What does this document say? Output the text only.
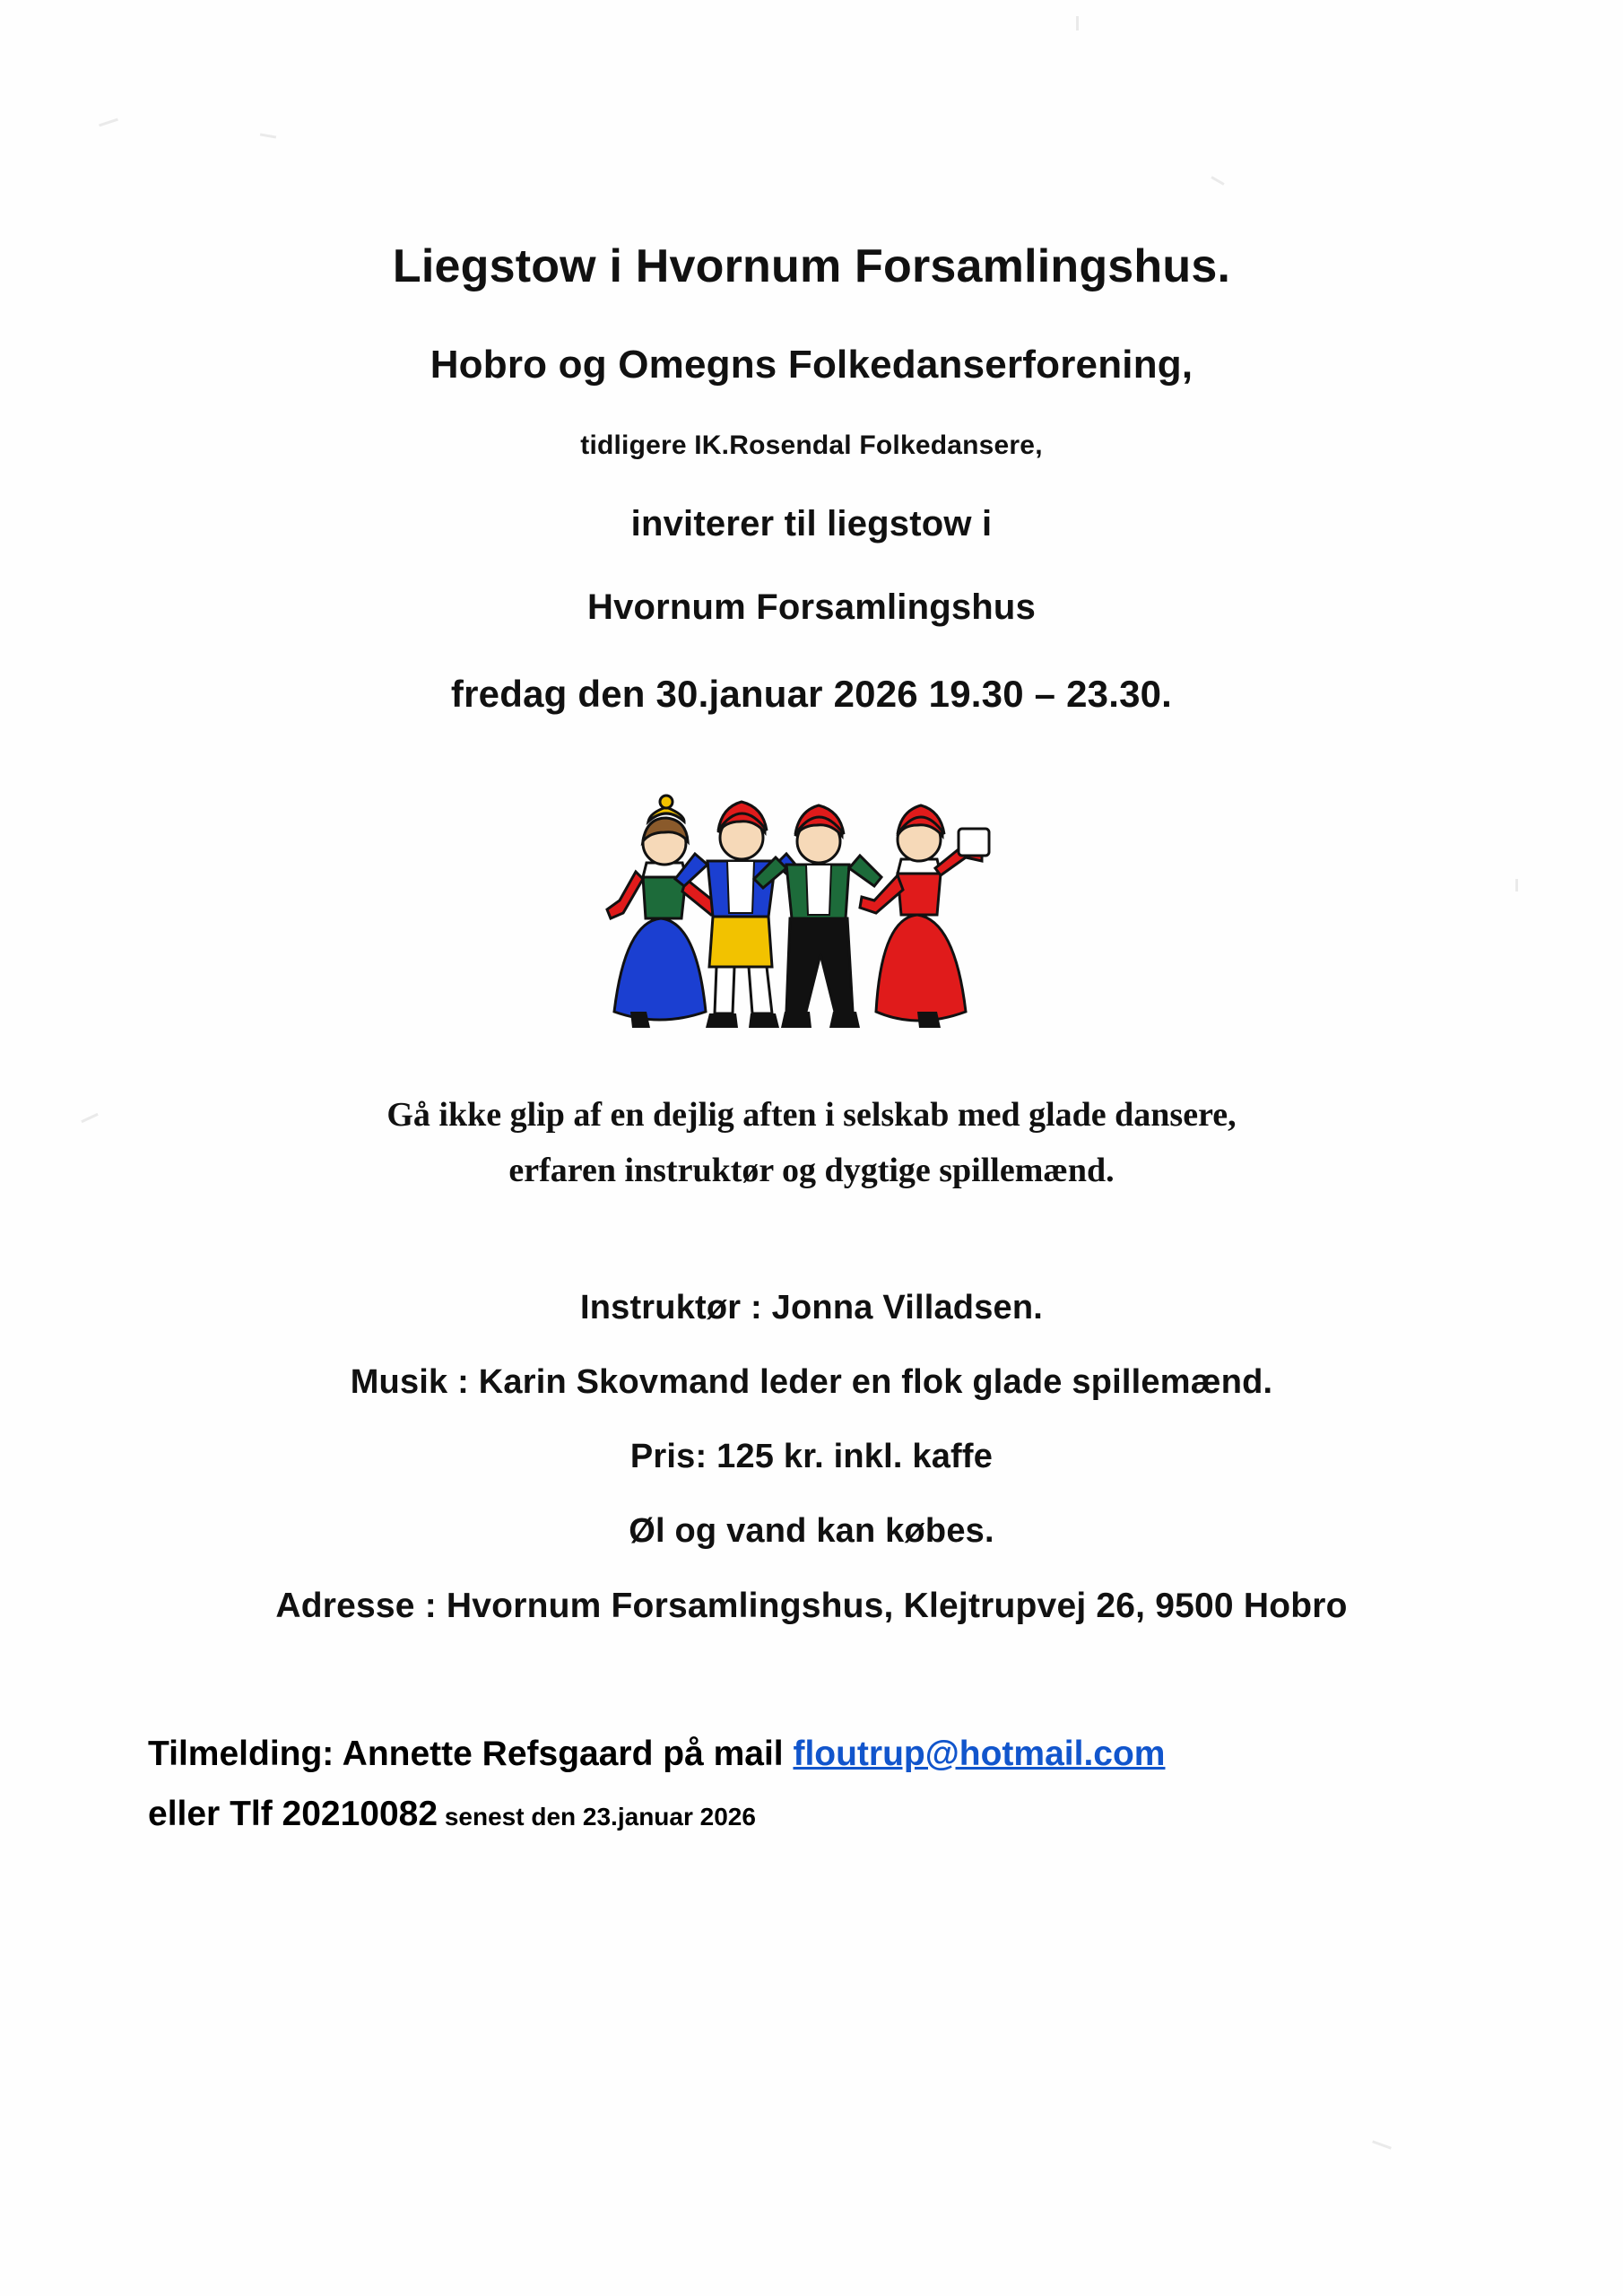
Liegstow i Hvornum Forsamlingshus.
Hobro og Omegns Folkedanserforening,
tidligere IK.Rosendal Folkedansere,
inviterer til liegstow i
Hvornum Forsamlingshus
fredag den 30.januar 2026 19.30 – 23.30.
Gå ikke glip af en dejlig aften i selskab med glade dansere,
erfaren instruktør og dygtige spillemænd.
Instruktør : Jonna Villadsen.
Musik : Karin Skovmand leder en flok glade spillemænd.
Pris: 125 kr. inkl. kaffe
Øl og vand kan købes.
Adresse : Hvornum Forsamlingshus, Klejtrupvej 26, 9500 Hobro
Tilmelding: Annette Refsgaard på mail floutrup@hotmail.com
eller Tlf 20210082 senest den 23.januar 2026
